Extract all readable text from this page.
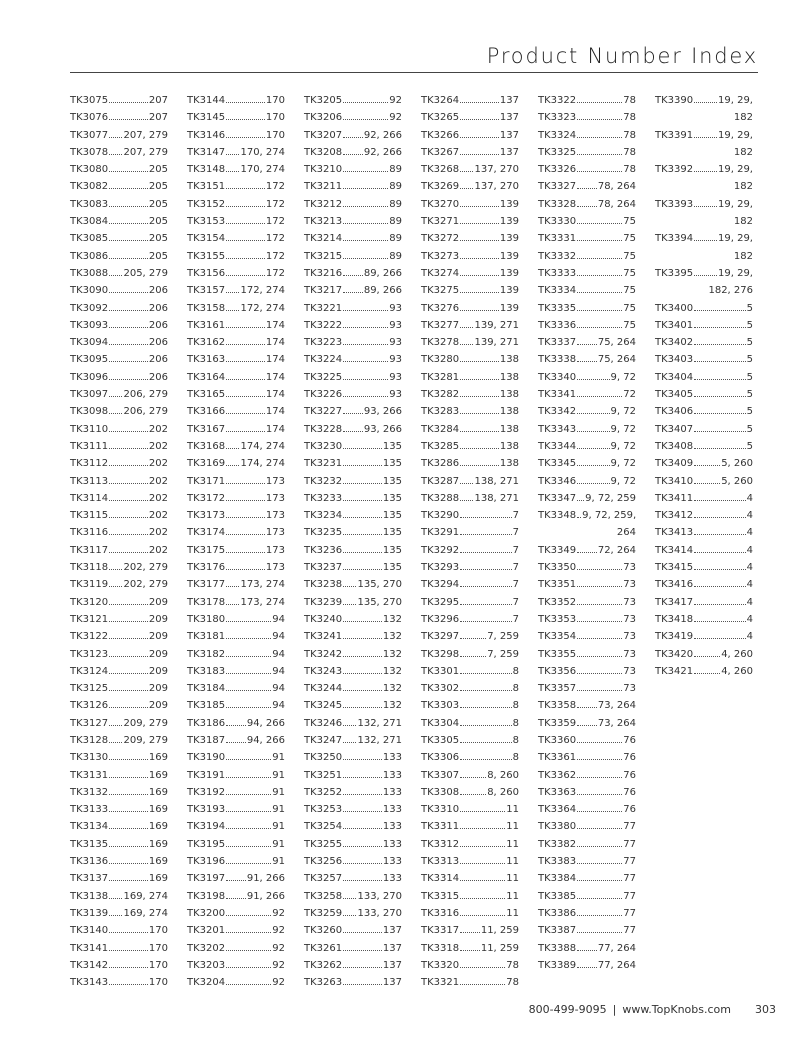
Product Number Index
TK3075	207
TK3076	207
TK3077 207, 279
TK3078 207, 279
TK3080	205
TK3082	205
TK3083	205
TK3084	205
TK3085	205
TK3086	205
TK3088 205, 279
TK3090	206
TK3092	206
TK3093	206
TK3094	206
TK3095	206
TK3096	206
TK3097 206, 279
TK3098 206, 279
TK3110	202
TK3111	202
TK3112	202
TK3113	202
TK3114	202
TK3115	202
TK3116	202
TK3117	202
TK3118 202, 279
TK3119 202, 279
TK3120	209
TK3121	209
TK3122	209
TK3123	209
TK3124	209
TK3125	209
TK3126	209
TK3127 209, 279
TK3128 209, 279
TK3130	169
TK3131	169
TK3132	169
TK3133	169
TK3134	169
TK3135	169
TK3136	169
TK3137	169
TK3138 169, 274
TK3139 169, 274
TK3140	170
TK3141	170
TK3142	170
TK3143	170
TK3144	170
TK3145	170
TK3146	170
TK3147 170, 274
TK3148 170, 274
TK3151	172
TK3152	172
TK3153	172
TK3154	172
TK3155	172
TK3156	172
TK3157 172, 274
TK3158 172, 274
TK3161	174
TK3162	174
TK3163	174
TK3164	174
TK3165	174
TK3166	174
TK3167	174
TK3168 174, 274
TK3169 174, 274
TK3171	173
TK3172	173
TK3173	173
TK3174	173
TK3175	173
TK3176	173
TK3177 173, 274
TK3178 173, 274
TK3180	94
TK3181	94
TK3182	94
TK3183	94
TK3184	94
TK3185	94
TK3186 94, 266
TK3187 94, 266
TK3190	91
TK3191	91
TK3192	91
TK3193	91
TK3194	91
TK3195	91
TK3196	91
TK3197 91, 266
TK3198 91, 266
TK3200	92
TK3201	92
TK3202	92
TK3203	92
TK3204	92
TK3205	92
TK3206	92
TK3207 92, 266
TK3208 92, 266
TK3210	89
TK3211	89
TK3212	89
TK3213	89
TK3214	89
TK3215	89
TK3216 89, 266
TK3217 89, 266
TK3221	93
TK3222	93
TK3223	93
TK3224	93
TK3225	93
TK3226	93
TK3227 93, 266
TK3228 93, 266
TK3230	135
TK3231	135
TK3232	135
TK3233	135
TK3234	135
TK3235	135
TK3236	135
TK3237	135
TK3238 135, 270
TK3239 135, 270
TK3240	132
TK3241	132
TK3242	132
TK3243	132
TK3244	132
TK3245	132
TK3246 132, 271
TK3247 132, 271
TK3250	133
TK3251	133
TK3252	133
TK3253	133
TK3254	133
TK3255	133
TK3256	133
TK3257	133
TK3258 133, 270
TK3259 133, 270
TK3260	137
TK3261	137
TK3262	137
TK3263	137
TK3264	137
TK3265	137
TK3266	137
TK3267	137
TK3268 137, 270
TK3269 137, 270
TK3270	139
TK3271	139
TK3272	139
TK3273	139
TK3274	139
TK3275	139
TK3276	139
TK3277 139, 271
TK3278 139, 271
TK3280	138
TK3281	138
TK3282	138
TK3283	138
TK3284	138
TK3285	138
TK3286	138
TK3287 138, 271
TK3288 138, 271
TK3290	7
TK3291	7
TK3292	7
TK3293	7
TK3294	7
TK3295	7
TK3296	7
TK3297	7, 259
TK3298	7, 259
TK3301	8
TK3302	8
TK3303	8
TK3304	8
TK3305	8
TK3306	8
TK3307	8, 260
TK3308	8, 260
TK3310	11
TK3311	11
TK3312	11
TK3313	11
TK3314	11
TK3315	11
TK3316	11
TK3317 11, 259
TK3318 11, 259
TK3320	78
TK3321	78
TK3322	78
TK3323	78
TK3324	78
TK3325	78
TK3326	78
TK3327 78, 264
TK3328 78, 264
TK3330	75
TK3331	75
TK3332	75
TK3333	75
TK3334	75
TK3335	75
TK3336	75
TK3337 75, 264
TK3338 75, 264
TK3340	9, 72
TK3341	72
TK3342	9, 72
TK3343	9, 72
TK3344	9, 72
TK3345	9, 72
TK3346	9, 72
TK3347 9, 72, 259
TK3348 9, 72, 259,
264
TK3349 72, 264
TK3350	73
TK3351	73
TK3352	73
TK3353	73
TK3354	73
TK3355	73
TK3356	73
TK3357	73
TK3358 73, 264
TK3359 73, 264
TK3360	76
TK3361	76
TK3362	76
TK3363	76
TK3364	76
TK3380	77
TK3382	77
TK3383	77
TK3384	77
TK3385	77
TK3386	77
TK3387	77
TK3388 77, 264
TK3389 77, 264
TK3390 19, 29,
182
TK3391 19, 29,
182
TK3392 19, 29,
182
TK3393 19, 29,
182
TK3394 19, 29,
182
TK3395 19, 29,
182, 276
TK3400	5
TK3401	5
TK3402	5
TK3403	5
TK3404	5
TK3405	5
TK3406	5
TK3407	5
TK3408	5
TK3409	5, 260
TK3410	5, 260
TK3411	4
TK3412	4
TK3413	4
TK3414	4
TK3415	4
TK3416	4
TK3417	4
TK3418	4
TK3419	4
TK3420	4, 260
TK3421	4, 260
800-499-9095 | www.TopKnobs.com 303
